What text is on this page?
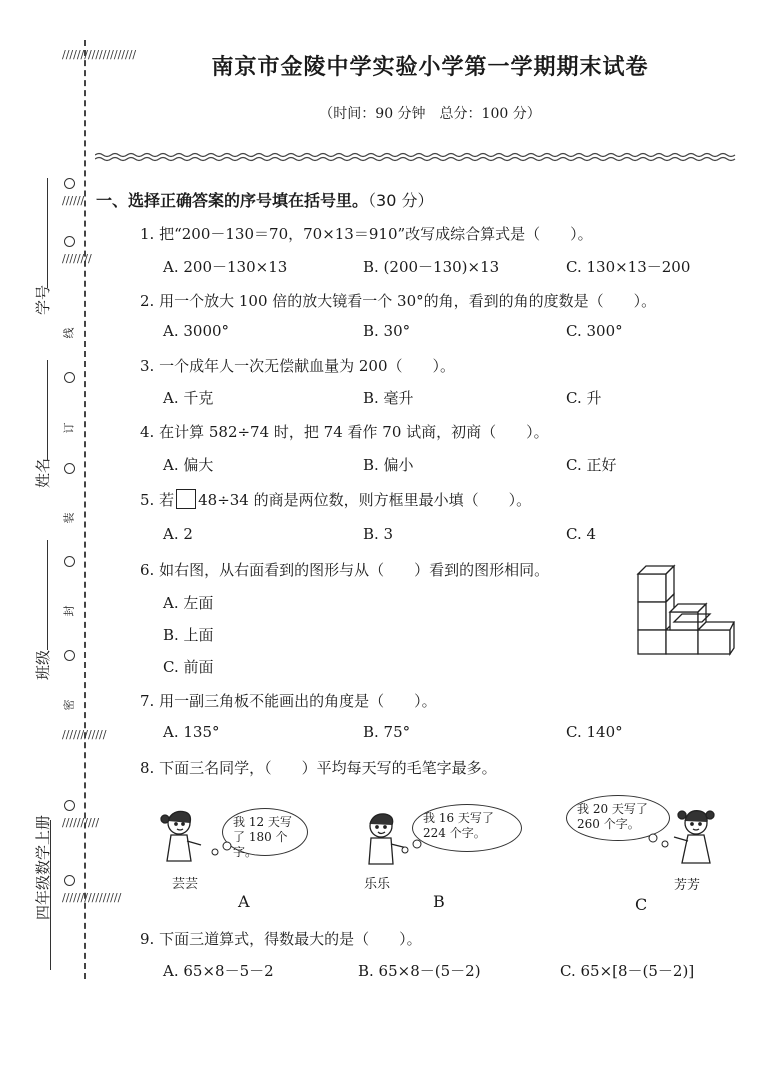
学号
姓名
班级
四年级数学上册
////////////////////
//////
////////
线
订
装
封
密
////////////
//////////
////////////////
南京市金陵中学实验小学第一学期期末试卷
（时间：90 分钟　总分：100 分）
一、选择正确答案的序号填在括号里。（30 分）
1. 把“200－130＝70，70×13＝910”改写成综合算式是（　　）。
A. 200－130×13	B. (200－130)×13	C. 130×13－200
2. 用一个放大 100 倍的放大镜看一个 30°的角，看到的角的度数是（　　）。
A. 3000°	B. 30°	C. 300°
3. 一个成年人一次无偿献血量为 200（　　）。
A. 千克	B. 毫升	C. 升
4. 在计算 582÷74 时，把 74 看作 70 试商，初商（　　）。
A. 偏大	B. 偏小	C. 正好
5. 若 48÷34 的商是两位数，则方框里最小填（　　）。
A. 2	B. 3	C. 4
6. 如右图，从右面看到的图形与从（　　）看到的图形相同。
A. 左面
B. 上面
C. 前面
7. 用一副三角板不能画出的角度是（　　）。
A. 135°	B. 75°	C. 140°
8. 下面三名同学，（　　）平均每天写的毛笔字最多。
我 12 天写了 180 个字。
芸芸
A
我 16 天写了 224 个字。
乐乐
B
我 20 天写了 260 个字。
芳芳
C
9. 下面三道算式，得数最大的是（　　）。
A. 65×8－5－2	B. 65×8－(5－2)	C. 65×[8－(5－2)]
